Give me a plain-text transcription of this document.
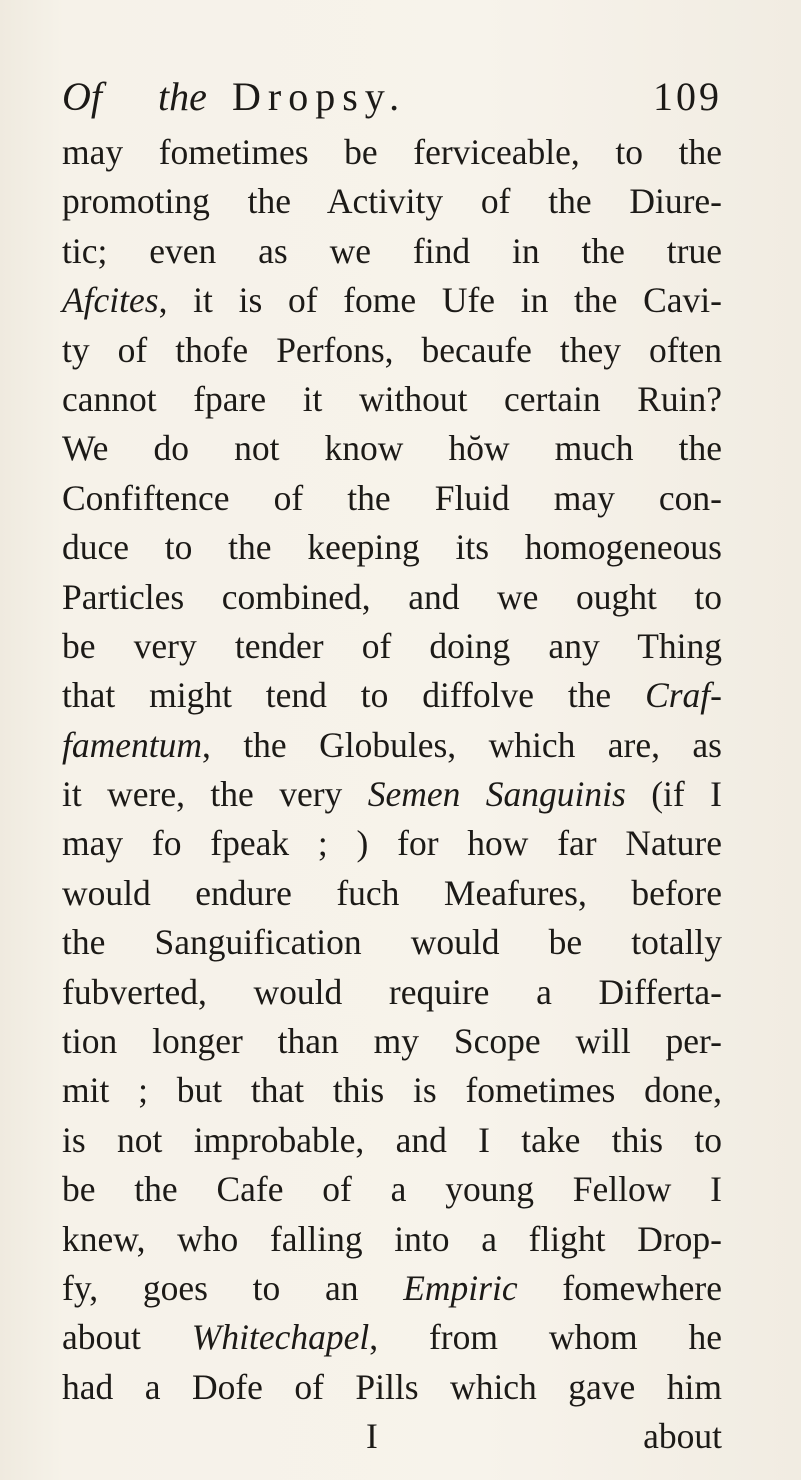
Of the Dropsy.	109
may fometimes be ferviceable, to the
promoting the Activity of the Diure-
tic; even as we find in the true
Afcites, it is of fome Ufe in the Cavi-
ty of thofe Perfons, becaufe they often
cannot fpare it without certain Ruin?
We do not know hŏw much the
Confiftence of the Fluid may con-
duce to the keeping its homogeneous
Particles combined, and we ought to
be very tender of doing any Thing
that might tend to diffolve the Craf-
famentum, the Globules, which are, as
it were, the very Semen Sanguinis (if I
may fo fpeak ; ) for how far Nature
would endure fuch Meafures, before
the Sanguification would be totally
fubverted, would require a Differta-
tion longer than my Scope will per-
mit ; but that this is fometimes done,
is not improbable, and I take this to
be the Cafe of a young Fellow I
knew, who falling into a flight Drop-
fy, goes to an Empiric fomewhere
about Whitechapel, from whom he
had a Dofe of Pills which gave him
I	about
